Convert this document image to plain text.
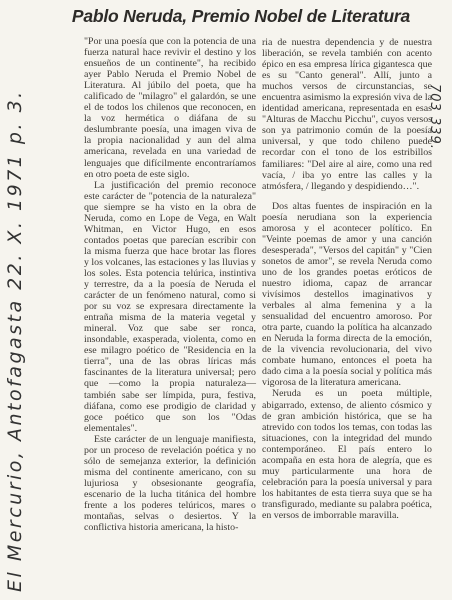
Pablo Neruda, Premio Nobel de Literatura

"Por una poesía que con la potencia de una fuerza natural hace revivir el destino y los ensueños de un continente", ha recibido ayer Pablo Neruda el Premio Nobel de Literatura. Al júbilo del poeta, que ha calificado de "milagro" el galardón, se une el de todos los chilenos que reconocen, en la voz hermética o diáfana de su deslumbrante poesía, una imagen viva de la propia nacionalidad y aun del alma americana, revelada en una variedad de lenguajes que difícilmente encontraríamos en otro poeta de este siglo.

La justificación del premio reconoce este carácter de "potencia de la naturaleza" que siempre se ha visto en la obra de Neruda, como en Lope de Vega, en Walt Whitman, en Victor Hugo, en esos contados poetas que parecían escribir con la misma fuerza que hace brotar las flores y los volcanes, las estaciones y las lluvias y los soles. Esta potencia telúrica, instintiva y terrestre, da a la poesía de Neruda el carácter de un fenómeno natural, como si por su voz se expresara directamente la entraña misma de la materia vegetal y mineral. Voz que sabe ser ronca, insondable, exasperada, violenta, como en ese milagro poético de "Residencia en la tierra", una de las obras líricas más fascinantes de la literatura universal; pero que —como la propia naturaleza— también sabe ser límpida, pura, festiva, diáfana, como ese prodigio de claridad y goce poético que son los "Odas elementales".

Este carácter de un lenguaje manifiesta, por un proceso de revelación poética y no sólo de semejanza exterior, la definición misma del continente americano, con su lujuriosa y obsesionante geografía, escenario de la lucha titánica del hombre frente a los poderes telúricos, mares o montañas, selvas o desiertos. Y la conflictiva historia americana, la histo-

ria de nuestra dependencia y de nuestra liberación, se revela también con acento épico en esa empresa lírica gigantesca que es su "Canto general". Allí, junto a muchos versos de circunstancias, se encuentra asimismo la expresión viva de la identidad americana, representada en esas "Alturas de Macchu Picchu", cuyos versos son ya patrimonio común de la poesía universal, y que todo chileno puede recordar con el tono de los estribillos familiares: "Del aire al aire, como una red vacía, / iba yo entre las calles y la atmósfera, / llegando y despidiendo…".

Dos altas fuentes de inspiración en la poesía nerudiana son la experiencia amorosa y el acontecer político. En "Veinte poemas de amor y una canción desesperada", "Versos del capitán" y "Cien sonetos de amor", se revela Neruda como uno de los grandes poetas eróticos de nuestro idioma, capaz de arrancar vivísimos destellos imaginativos y verbales al alma femenina y a la sensualidad del encuentro amoroso. Por otra parte, cuando la política ha alcanzado en Neruda la forma directa de la emoción, de la vivencia revolucionaria, del vivo combate humano, entonces el poeta ha dado cima a la poesía social y política más vigorosa de la literatura americana.

Neruda es un poeta múltiple, abigarrado, extenso, de aliento cósmico y de gran ambición histórica, que se ha atrevido con todos los temas, con todas las situaciones, con la integridad del mundo contemporáneo. El país entero lo acompaña en esta hora de alegría, que es muy particularmente una hora de celebración para la poesía universal y para los habitantes de esta tierra suya que se ha transfigurado, mediante su palabra poética, en versos de imborrable maravilla.

El Mercurio, Antofagasta 22. X. 1971 p. 3.	703 339.
